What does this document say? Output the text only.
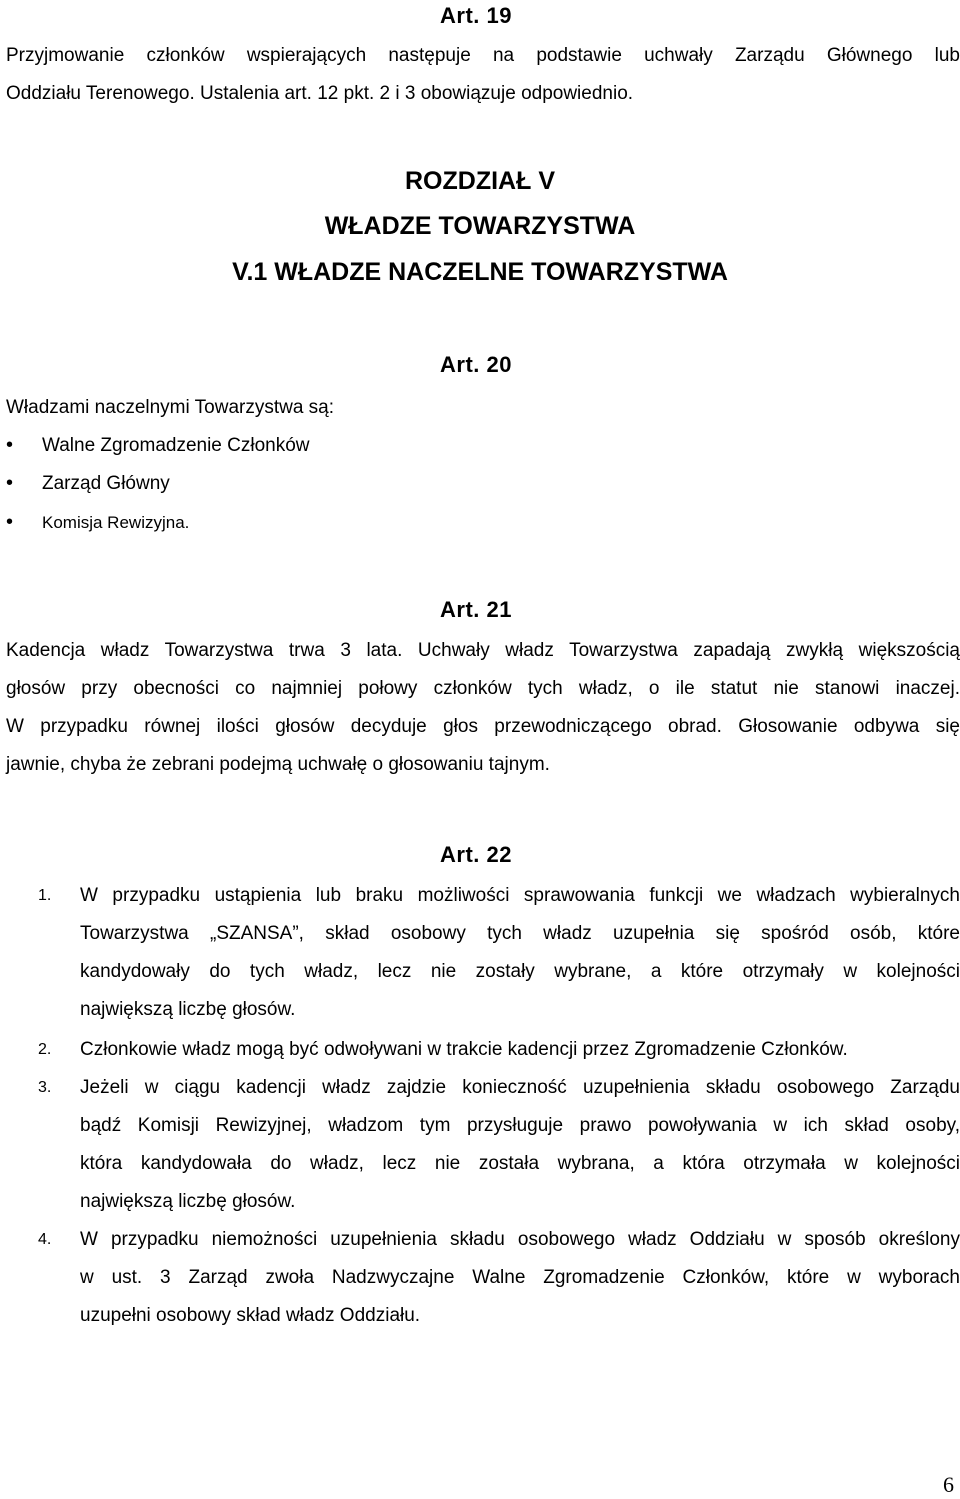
Art. 19
Przyjmowanie członków wspierających następuje na podstawie uchwały Zarządu Głównego lub
Oddziału Terenowego. Ustalenia art. 12 pkt. 2 i 3 obowiązuje odpowiednio.
ROZDZIAŁ V
WŁADZE TOWARZYSTWA
V.1 WŁADZE NACZELNE TOWARZYSTWA
Art. 20
Władzami naczelnymi Towarzystwa są:
• Walne Zgromadzenie Członków
• Zarząd Główny
• Komisja Rewizyjna.
Art. 21
Kadencja władz Towarzystwa trwa 3 lata. Uchwały władz Towarzystwa zapadają zwykłą większością
głosów przy obecności co najmniej połowy członków tych władz, o ile statut nie stanowi inaczej.
W przypadku równej ilości głosów decyduje głos przewodniczącego obrad. Głosowanie odbywa się
jawnie, chyba że zebrani podejmą uchwałę o głosowaniu tajnym.
Art. 22
1. W przypadku ustąpienia lub braku możliwości sprawowania funkcji we władzach wybieralnych
Towarzystwa „SZANSA”, skład osobowy tych władz uzupełnia się spośród osób, które
kandydowały do tych władz, lecz nie zostały wybrane, a które otrzymały w kolejności
największą liczbę głosów.
2. Członkowie władz mogą być odwoływani w trakcie kadencji przez Zgromadzenie Członków.
3. Jeżeli w ciągu kadencji władz zajdzie konieczność uzupełnienia składu osobowego Zarządu
bądź Komisji Rewizyjnej, władzom tym przysługuje prawo powoływania w ich skład osoby,
która kandydowała do władz, lecz nie została wybrana, a która otrzymała w kolejności
największą liczbę głosów.
4. W przypadku niemożności uzupełnienia składu osobowego władz Oddziału w sposób określony
w ust. 3 Zarząd zwoła Nadzwyczajne Walne Zgromadzenie Członków, które w wyborach
uzupełni osobowy skład władz Oddziału.
6
